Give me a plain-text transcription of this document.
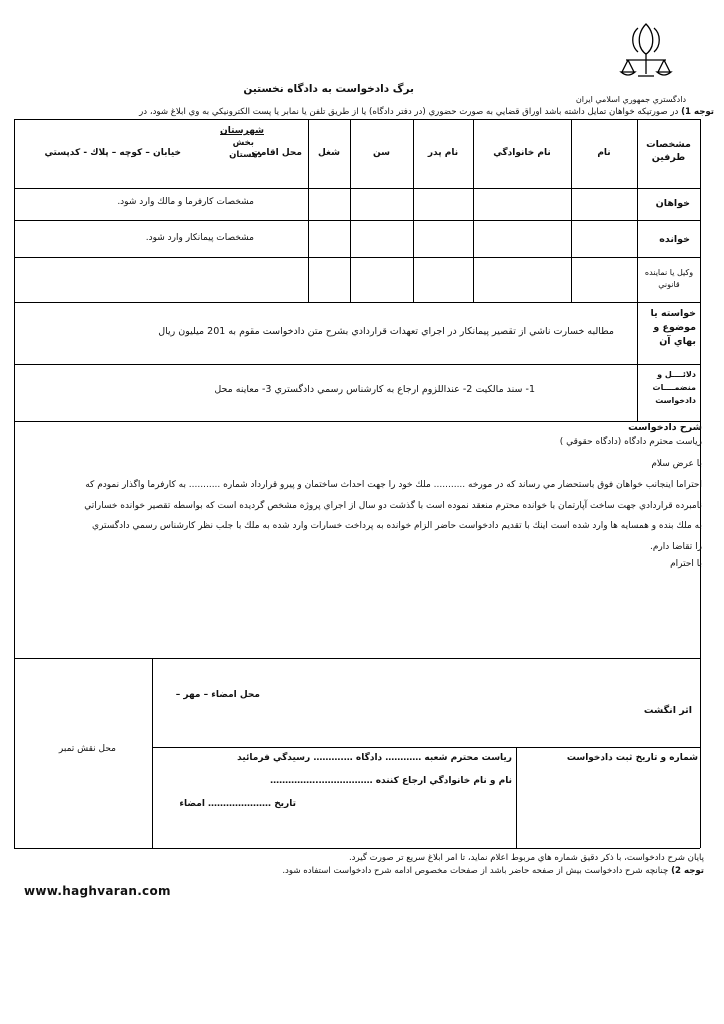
دادگستري جمهوري اسلامي ايران
برگ دادخواست به دادگاه نخستين
توجه 1) در صورتيكه خواهان تمايل داشته باشد اوراق قضايي به صورت حضوري (در دفتر دادگاه) يا از طريق تلفن يا نمابر يا پست الكترونيكي به وي ابلاغ شود، در
مشخصات طرفين
نام
نام خانوادگي
نام پدر
سن
شغل
محل اقامت
شهرستان
بخش
دهستان
خيابان – كوچه – پلاك - كدپستي
خواهان
مشخصات كارفرما و مالك وارد شود.
خوانده
مشخصات پيمانكار وارد شود.
وكيل يا نماينده قانوني
خواسته يا
موضوع و
بهاي آن
مطالبه خسارت ناشي از تقصير پيمانكار در اجراي تعهدات قراردادي بشرح متن دادخواست مقوم به 201 ميليون ريال
دلائــــل و
منضمــــات
دادخواست
1- سند مالكيت 2- عنداللزوم ارجاع به كارشناس رسمي دادگستري 3- معاينه محل
شرح دادخواست
رياست محترم دادگاه (دادگاه حقوقي )
با عرض سلام
احتراما اينجانب خواهان فوق باستحضار مي رساند كه در مورخه ........... ملك خود را جهت احداث ساختمان و پيرو قرارداد شماره ........... به كارفرما واگذار نمودم كه
نامبرده قراردادي جهت ساخت آپارتمان با خوانده محترم منعقد نموده است با گذشت دو سال از اجراي پروژه مشخص گرديده است كه بواسطه تقصير خوانده خساراتي
به ملك بنده و همسايه ها وارد شده است اينك با تقديم دادخواست حاضر الزام خوانده به پرداخت خسارات وارد شده به ملك با جلب نظر كارشناس رسمي دادگستري
را تقاضا دارم.
با احترام
اثر انگشت
محل امضاء – مهر –
محل نقش تمبر
شماره و تاريخ ثبت دادخواست
رياست محترم شعبه ………… دادگاه ….……… رسيدگي فرمائيد
نام و نام خانوادگي ارجاع كننده ……………….……………
تاريخ ………………… امضاء
پايان شرح دادخواست، با ذكر دقيق شماره هاي مربوط اعلام نمايد، تا امر ابلاغ سريع تر صورت گيرد.
توجه 2) چنانچه شرح دادخواست بيش از صفحه حاضر باشد از صفحات مخصوص ادامه شرح دادخواست استفاده شود.
www.haghvaran.com
